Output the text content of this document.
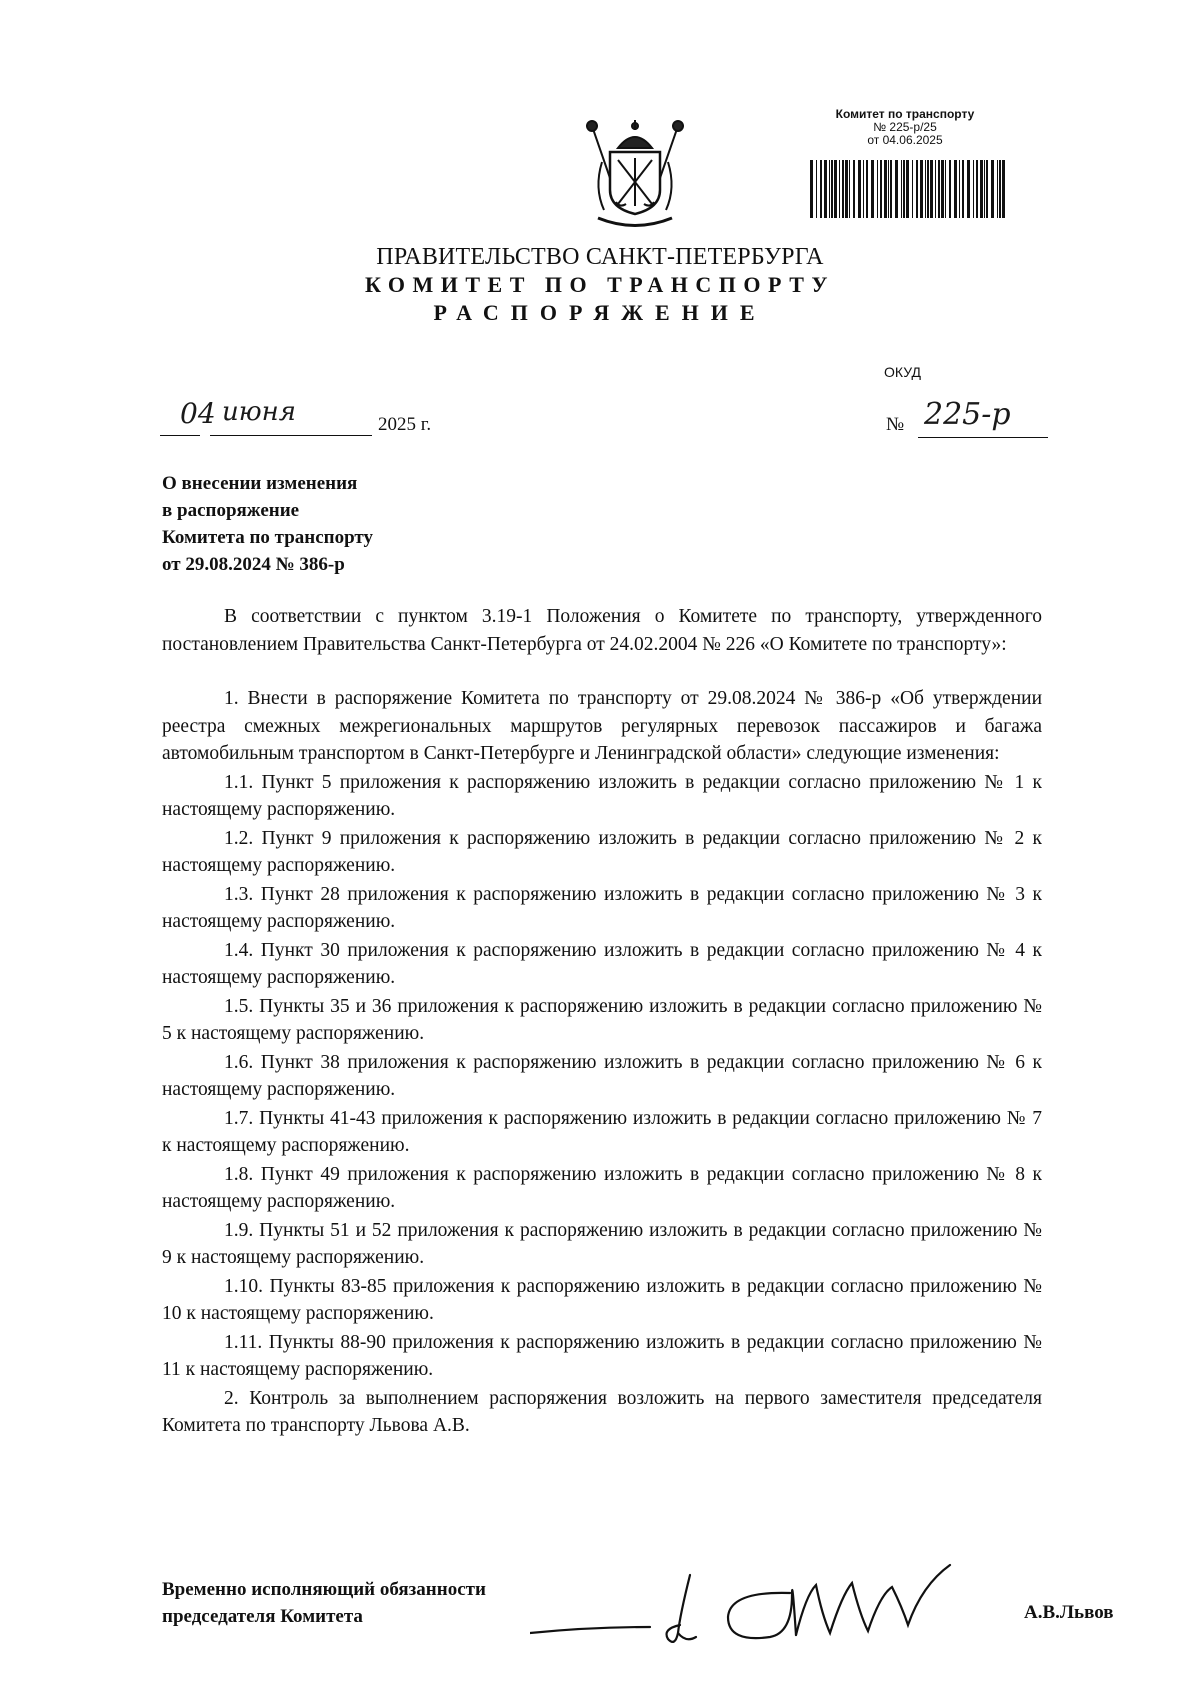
Комитет по транспорту
№ 225-р/25
от 04.06.2025
ПРАВИТЕЛЬСТВО САНКТ-ПЕТЕРБУРГА
КОМИТЕТ ПО ТРАНСПОРТУ
РАСПОРЯЖЕНИЕ
ОКУД
04 июня	2025 г.	№ 225-р
О внесении изменения
в распоряжение
Комитета по транспорту
от 29.08.2024 № 386-р

В соответствии с пунктом 3.19-1 Положения о Комитете по транспорту, утвержденного постановлением Правительства Санкт-Петербурга от 24.02.2004 № 226 «О Комитете по транспорту»:

1. Внести в распоряжение Комитета по транспорту от 29.08.2024 № 386-р «Об утверждении реестра смежных межрегиональных маршрутов регулярных перевозок пассажиров и багажа автомобильным транспортом в Санкт-Петербурге и Ленинградской области» следующие изменения:

1.1. Пункт 5 приложения к распоряжению изложить в редакции согласно приложению № 1 к настоящему распоряжению.

1.2. Пункт 9 приложения к распоряжению изложить в редакции согласно приложению № 2 к настоящему распоряжению.

1.3. Пункт 28 приложения к распоряжению изложить в редакции согласно приложению № 3 к настоящему распоряжению.

1.4. Пункт 30 приложения к распоряжению изложить в редакции согласно приложению № 4 к настоящему распоряжению.

1.5. Пункты 35 и 36 приложения к распоряжению изложить в редакции согласно приложению № 5 к настоящему распоряжению.

1.6. Пункт 38 приложения к распоряжению изложить в редакции согласно приложению № 6 к настоящему распоряжению.

1.7. Пункты 41-43 приложения к распоряжению изложить в редакции согласно приложению № 7 к настоящему распоряжению.

1.8. Пункт 49 приложения к распоряжению изложить в редакции согласно приложению № 8 к настоящему распоряжению.

1.9. Пункты 51 и 52 приложения к распоряжению изложить в редакции согласно приложению № 9 к настоящему распоряжению.

1.10. Пункты 83-85 приложения к распоряжению изложить в редакции согласно приложению № 10 к настоящему распоряжению.

1.11. Пункты 88-90 приложения к распоряжению изложить в редакции согласно приложению № 11 к настоящему распоряжению.

2. Контроль за выполнением распоряжения возложить на первого заместителя председателя Комитета по транспорту Львова А.В.

Временно исполняющий обязанности
председателя Комитета	А.В.Львов
